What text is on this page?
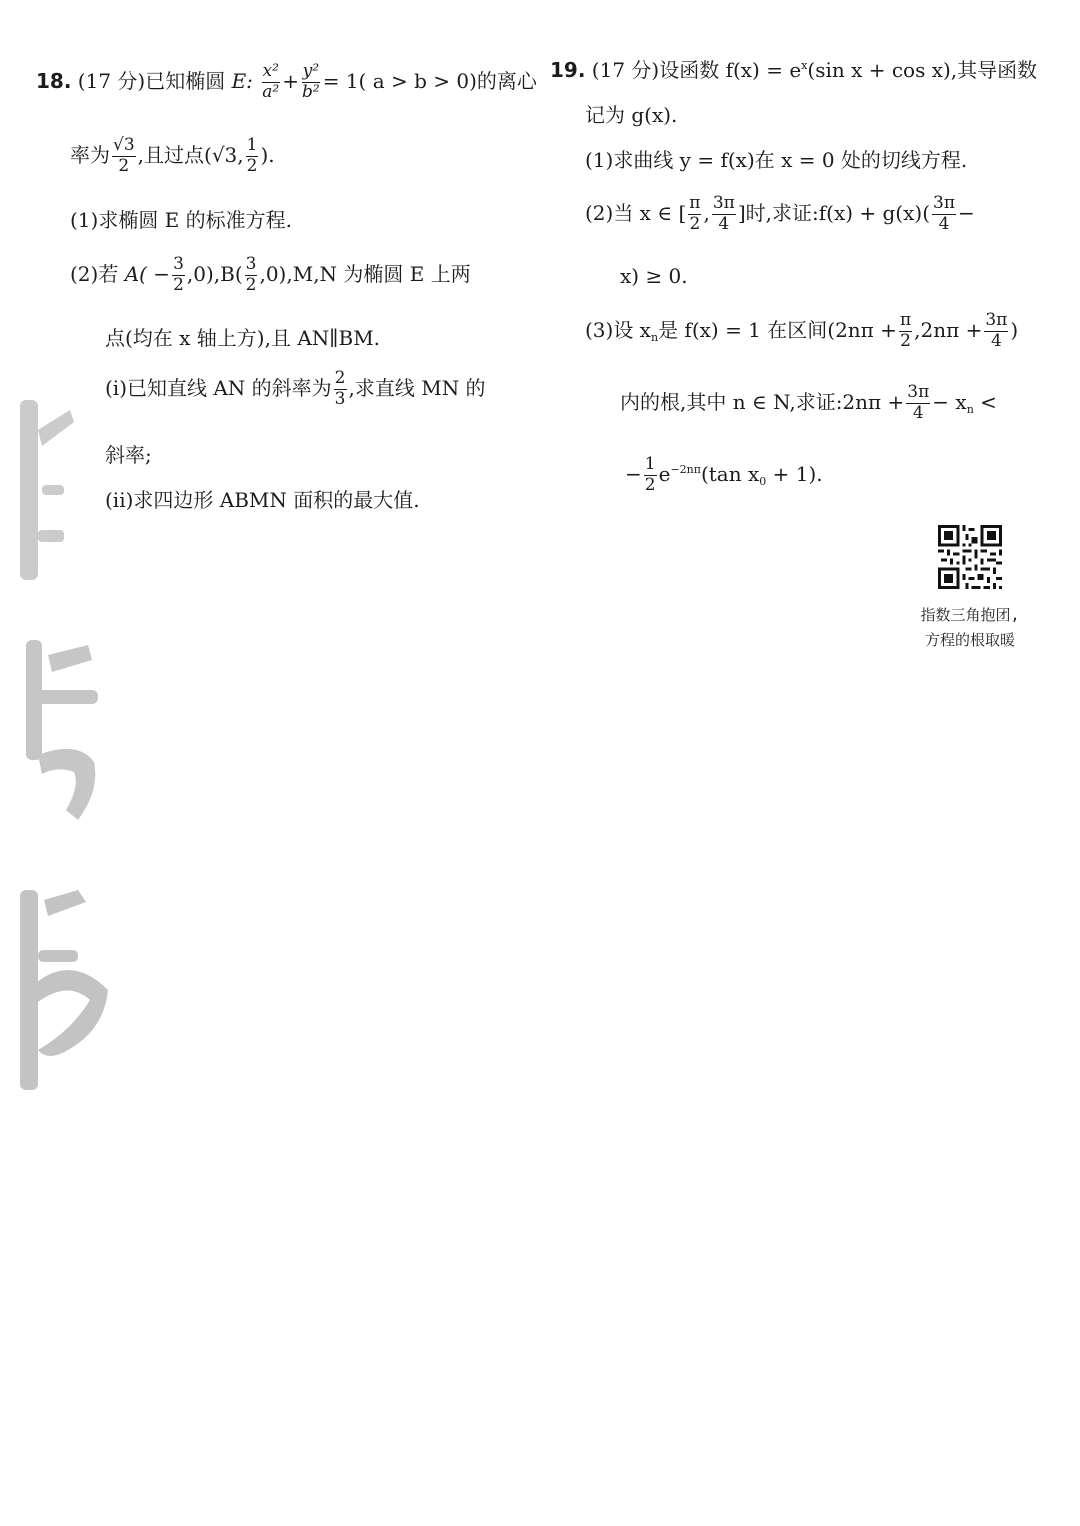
18. (17 分)已知椭圆 E: $\frac{\text{x²}}{\text{a²}} + \frac{\text{y²}}{\text{b²}} = 1$( a > b > 0)的离心
率为 $\frac{√3}{2}$ ,且过点(√3, $\frac{1}{2}$ ).
(1)求椭圆 E 的标准方程.
(2)若 $A( - \frac{3}{2} ,0),B( \frac{3}{2} ,0),M,N$ 为椭圆 E 上两
点(均在 x 轴上方),且 AN∥BM.
(i)已知直线 AN 的斜率为 $\frac{2}{3}$ ,求直线 MN 的
斜率;
(ii)求四边形 ABMN 面积的最大值.
19. (17 分)设函数 $f(x) = e^x(\sin$ x + cos x),其导函数
记为 g(x).
(1)求曲线 y = f(x)在 x = 0 处的切线方程.
(2)当 x ∈ [ $\frac{\pi}{2}$ , $\frac{3\pi}{4}$ ]时,求证:f(x) + $g(x)( \frac{3\pi}{4}$ −
x) ≥ 0.
(3)设 $x_n$是 f(x) = 1 在区间($2n\pi + \frac{\pi}{2} ,2n\pi + \frac{3\pi}{4}$ )
内的根,其中 n ∈ N,求证:2nπ + $\frac{3\pi}{4} - x_n$ <
− $\frac{1}{2} e^{-2n\pi}(\tan$ $x_0 + 1$).
指数三角抱团,
方程的根取暖
